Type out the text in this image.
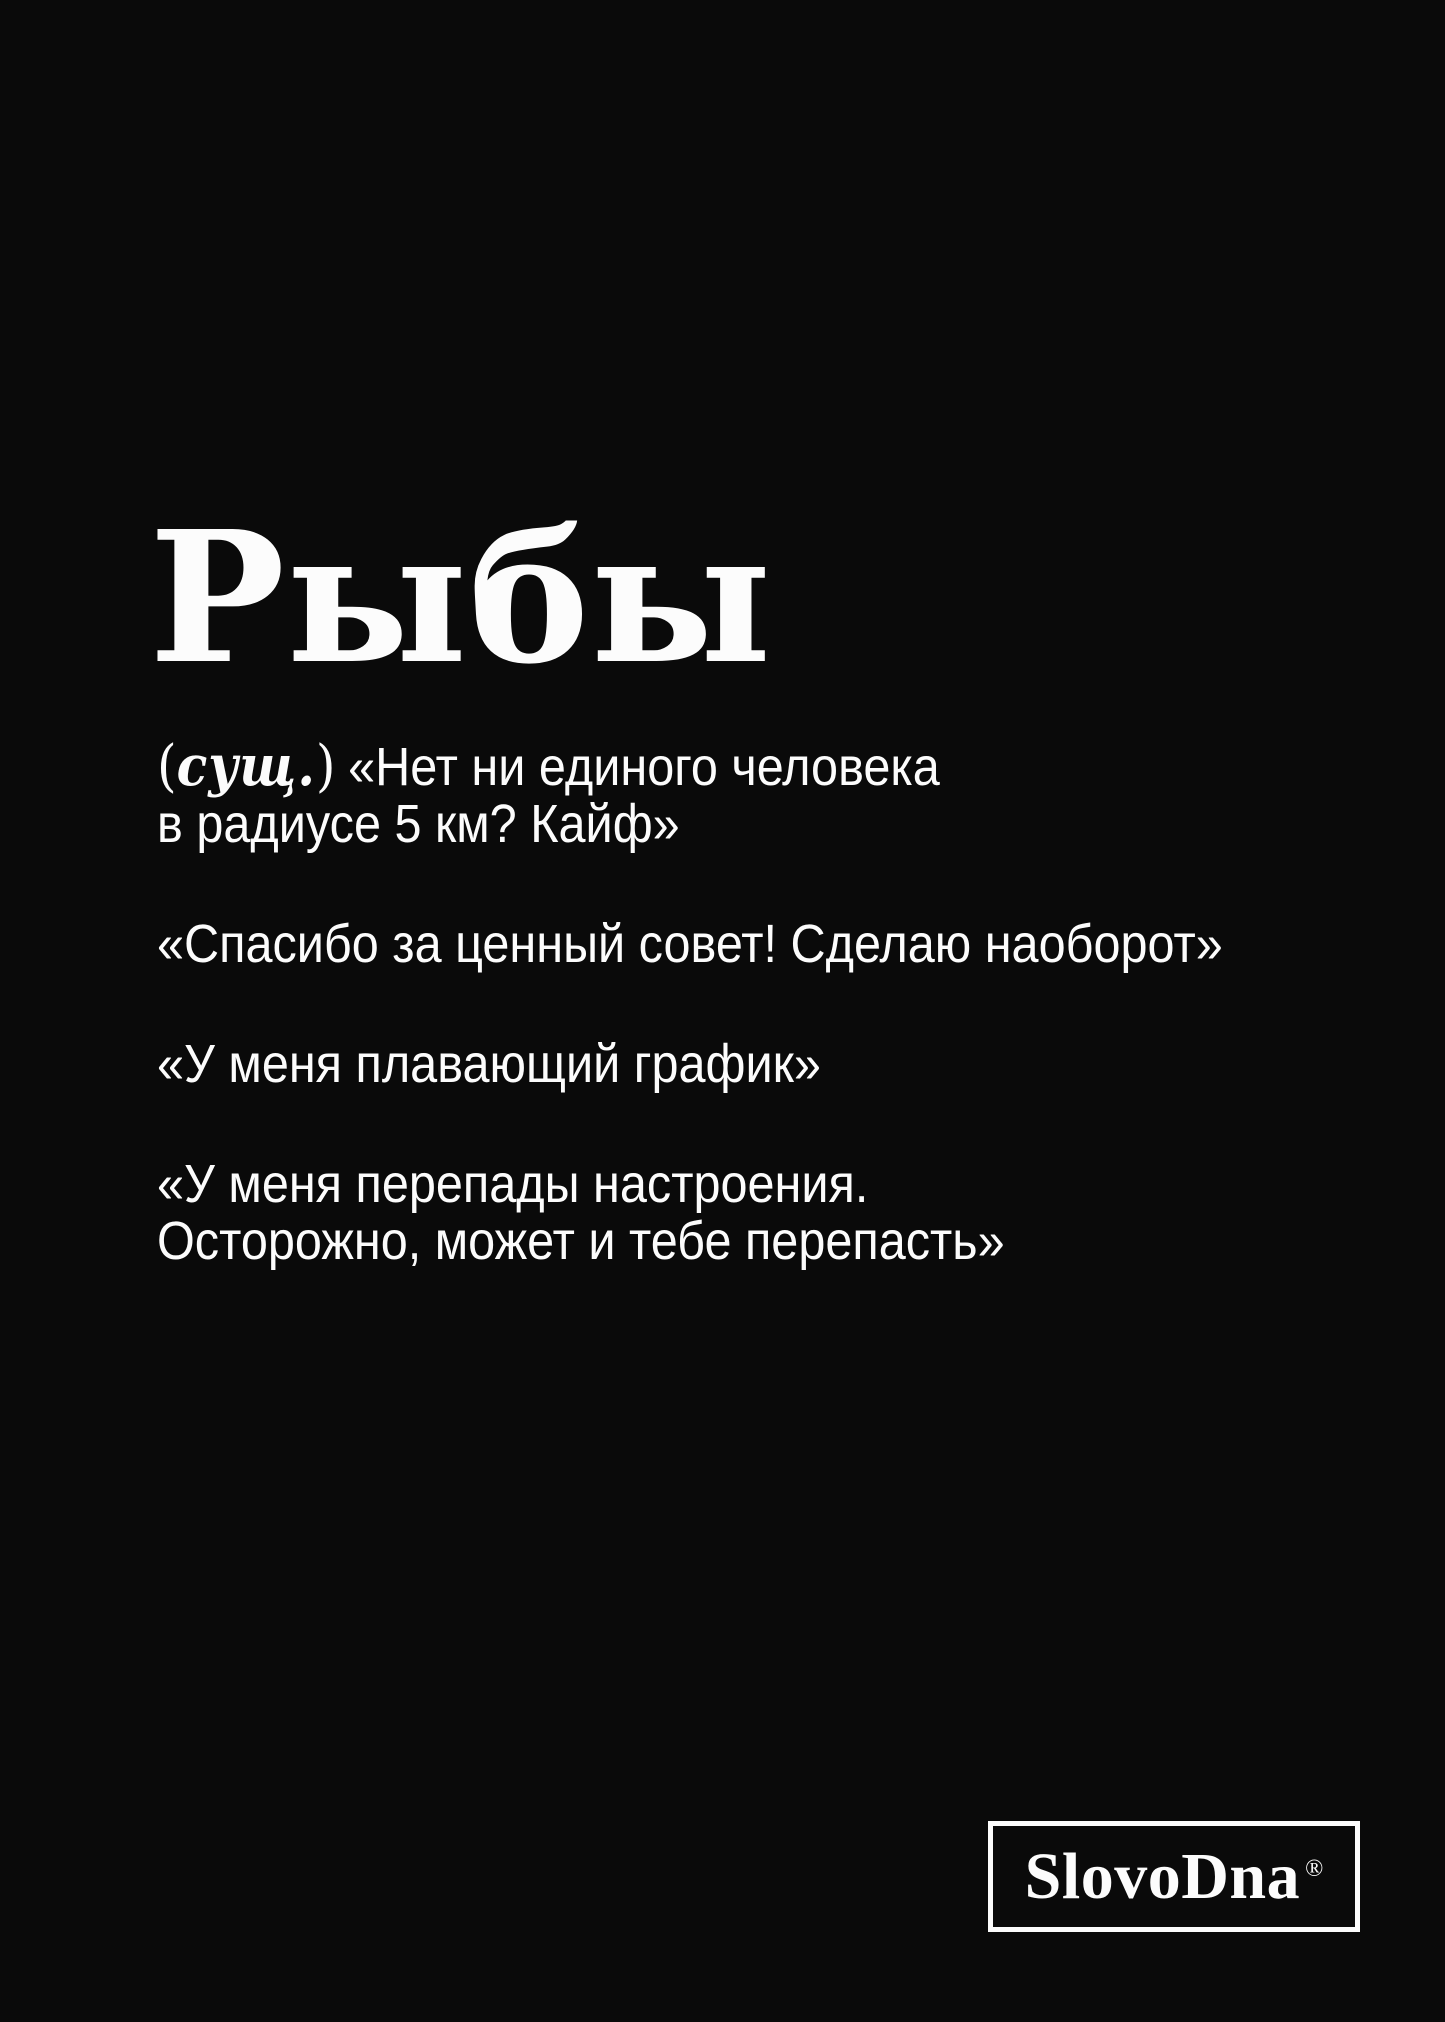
Рыбы

(сущ.) «Нет ни единого человека
в радиусе 5 км? Кайф»

«Спасибо за ценный совет! Сделаю наоборот»

«У меня плавающий график»

«У меня перепады настроения.
Осторожно, может и тебе перепасть»

SlovoDna ®
